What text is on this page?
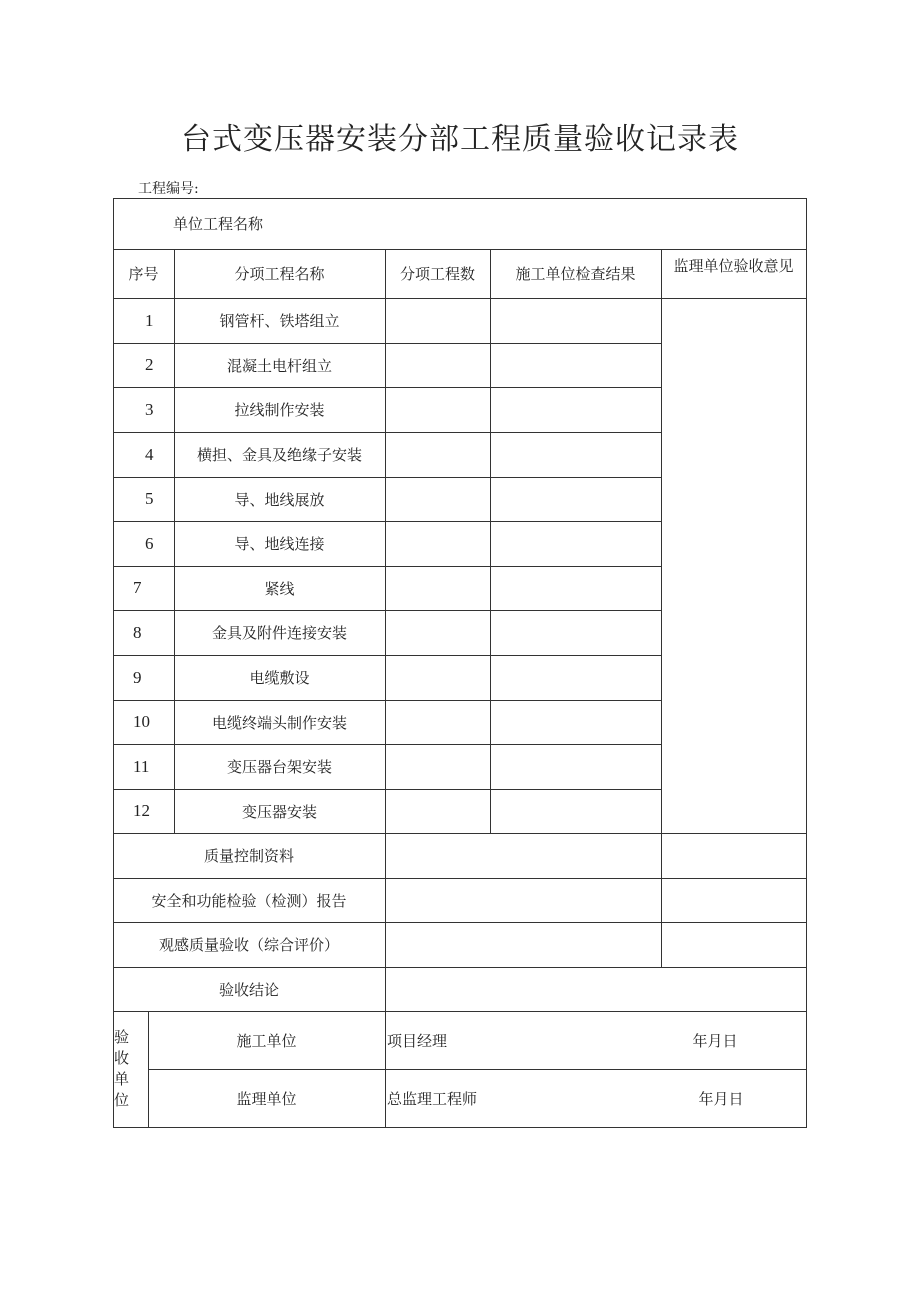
台式变压器安装分部工程质量验收记录表
工程编号:
单位工程名称
序号	分项工程名称	分项工程数	施工单位检查结果	监理单位验收意见
1	钢管杆、铁塔组立
2	混凝土电杆组立
3	拉线制作安装
4	横担、金具及绝缘子安装
5	导、地线展放
6	导、地线连接
7	紧线
8	金具及附件连接安装
9	电缆敷设
10	电缆终端头制作安装
11	变压器台架安装
12	变压器安装
质量控制资料
安全和功能检验（检测）报告
观感质量验收（综合评价）
验收结论
验
收
单
位
施工单位	项目经理	年月日
监理单位	总监理工程师	年月日
